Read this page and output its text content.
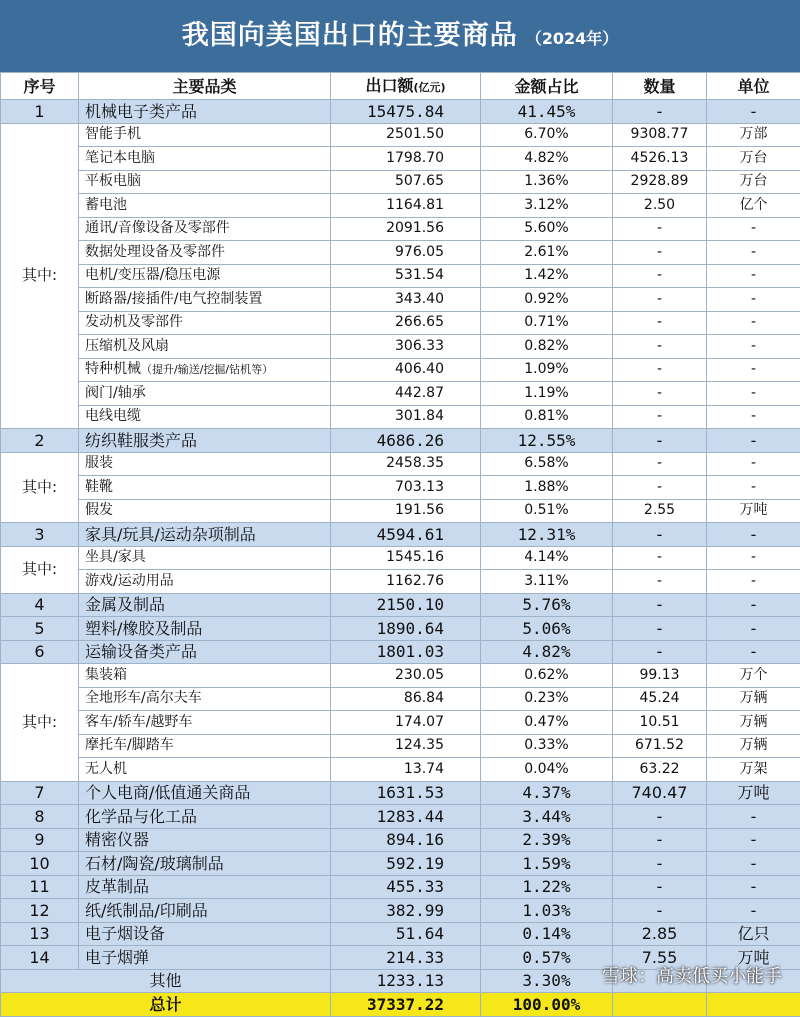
我国向美国出口的主要商品 （2024年）
序号	主要品类	出口额(亿元)	金额占比	数量	单位
1	机械电子类产品	15475.84	41.45%	-	-
其中:	智能手机	2501.50	6.70%	9308.77	万部
	笔记本电脑	1798.70	4.82%	4526.13	万台
	平板电脑	507.65	1.36%	2928.89	万台
	蓄电池	1164.81	3.12%	2.50	亿个
	通讯/音像设备及零部件	2091.56	5.60%	-	-
	数据处理设备及零部件	976.05	2.61%	-	-
	电机/变压器/稳压电源	531.54	1.42%	-	-
	断路器/接插件/电气控制装置	343.40	0.92%	-	-
	发动机及零部件	266.65	0.71%	-	-
	压缩机及风扇	306.33	0.82%	-	-
	特种机械（提升/输送/挖掘/钻机等）	406.40	1.09%	-	-
	阀门/轴承	442.87	1.19%	-	-
	电线电缆	301.84	0.81%	-	-
2	纺织鞋服类产品	4686.26	12.55%	-	-
其中:	服装	2458.35	6.58%	-	-
	鞋靴	703.13	1.88%	-	-
	假发	191.56	0.51%	2.55	万吨
3	家具/玩具/运动杂项制品	4594.61	12.31%	-	-
其中:	坐具/家具	1545.16	4.14%	-	-
	游戏/运动用品	1162.76	3.11%	-	-
4	金属及制品	2150.10	5.76%	-	-
5	塑料/橡胶及制品	1890.64	5.06%	-	-
6	运输设备类产品	1801.03	4.82%	-	-
其中:	集装箱	230.05	0.62%	99.13	万个
	全地形车/高尔夫车	86.84	0.23%	45.24	万辆
	客车/轿车/越野车	174.07	0.47%	10.51	万辆
	摩托车/脚踏车	124.35	0.33%	671.52	万辆
	无人机	13.74	0.04%	63.22	万架
7	个人电商/低值通关商品	1631.53	4.37%	740.47	万吨
8	化学品与化工品	1283.44	3.44%	-	-
9	精密仪器	894.16	2.39%	-	-
10	石材/陶瓷/玻璃制品	592.19	1.59%	-	-
11	皮革制品	455.33	1.22%	-	-
12	纸/纸制品/印刷品	382.99	1.03%	-	-
13	电子烟设备	51.64	0.14%	2.85	亿只
14	电子烟弹	214.33	0.57%	7.55	万吨
其他		1233.13	3.30%		
总计		37337.22	100.00%		
雪球：高卖低买小能手
